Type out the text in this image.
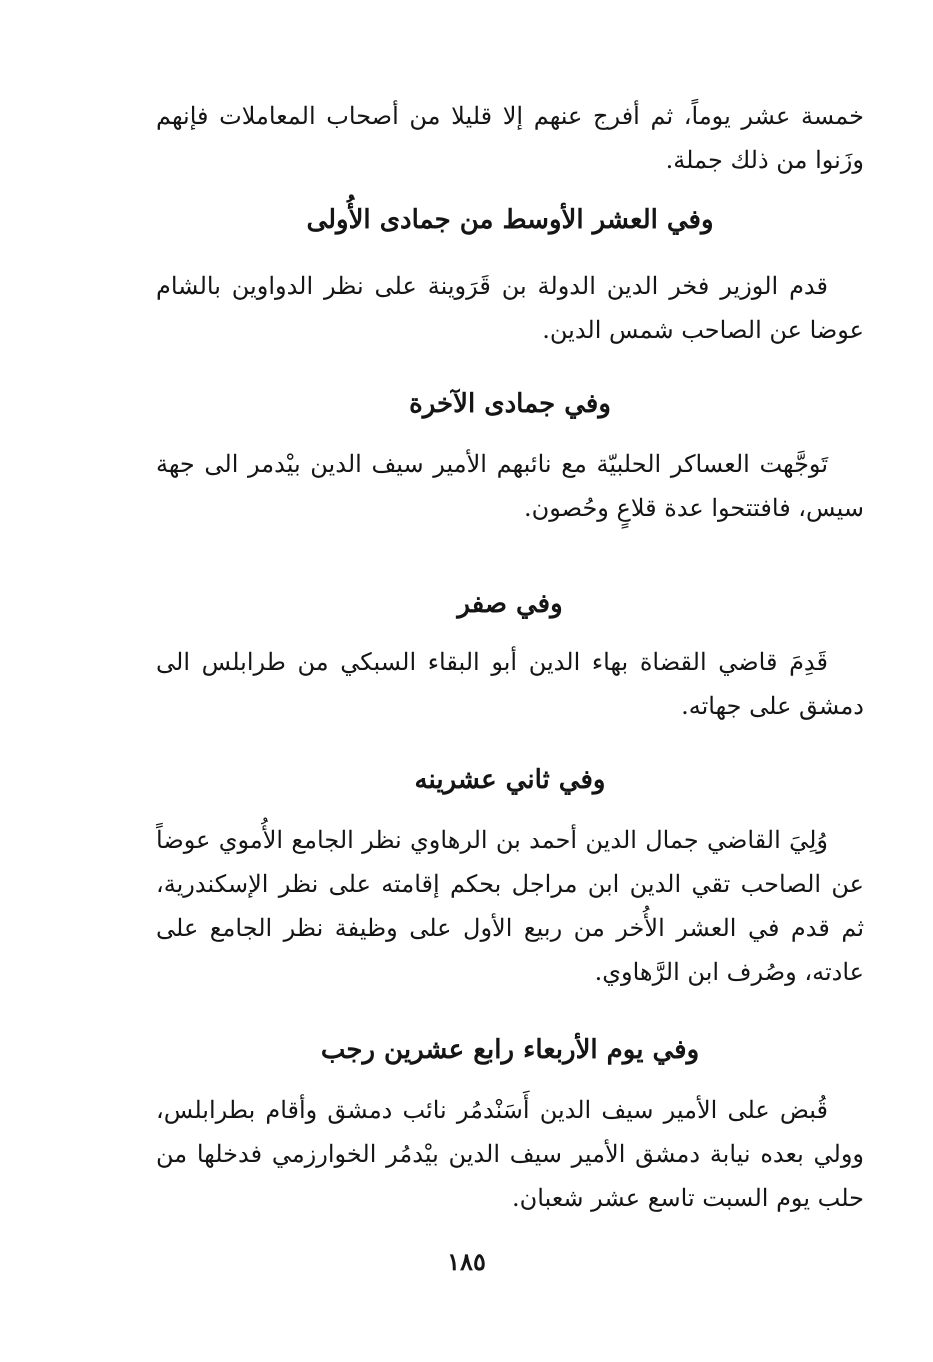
خمسة عشر يوماً، ثم أفرج عنهم إلا قليلا من أصحاب المعاملات فإنهم وزَنوا من ذلك جملة.

وفي العشر الأوسط من جمادى الأُولى

قدم الوزير فخر الدين الدولة بن قَرَوينة على نظر الدواوين بالشام عوضا عن الصاحب شمس الدين.

وفي جمادى الآخرة

تَوجَّهت العساكر الحلبيّة مع نائبهم الأمير سيف الدين بيْدمر الى جهة سيس، فافتتحوا عدة قلاعٍ وحُصون.

وفي صفر

قَدِمَ قاضي القضاة بهاء الدين أبو البقاء السبكي من طرابلس الى دمشق على جهاته.

وفي ثاني عشرينه

وُلِيَ القاضي جمال الدين أحمد بن الرهاوي نظر الجامع الأُموي عوضاً عن الصاحب تقي الدين ابن مراجل بحكم إقامته على نظر الإسكندرية، ثم قدم في العشر الأُخر من ربيع الأول على وظيفة نظر الجامع على عادته، وصُرف ابن الرَّهاوي.

وفي يوم الأربعاء رابع عشرين رجب

قُبض على الأمير سيف الدين أَسَنْدمُر نائب دمشق وأقام بطرابلس، وولي بعده نيابة دمشق الأمير سيف الدين بيْدمُر الخوارزمي فدخلها من حلب يوم السبت تاسع عشر شعبان.

١٨٥
